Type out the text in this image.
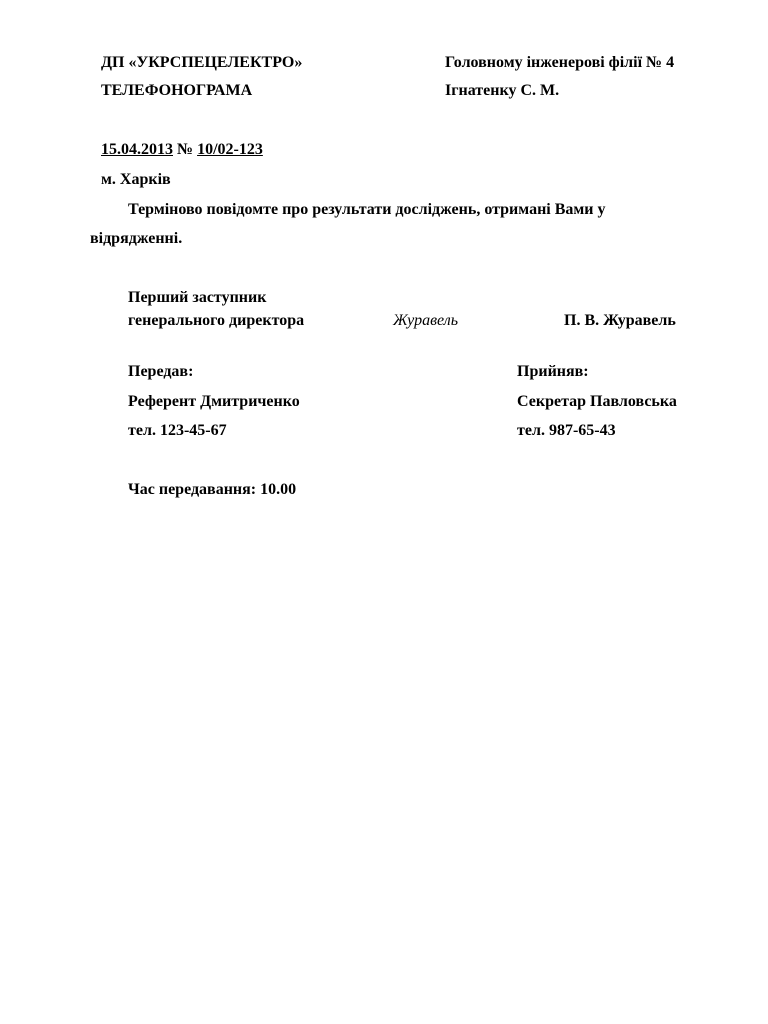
ДП «УКРСПЕЦЕЛЕКТРО»
ТЕЛЕФОНОГРАМА
Головному інженерові філії № 4
Ігнатенку С. М.
15.04.2013 № 10/02-123
м. Харків
Терміново повідомте про результати досліджень, отримані Вами у
відрядженні.
Перший заступник
генерального директора	Журавель	П. В. Журавель
Передав:
Референт Дмитриченко
тел. 123-45-67
Прийняв:
Секретар Павловська
тел. 987-65-43
Час передавання: 10.00
